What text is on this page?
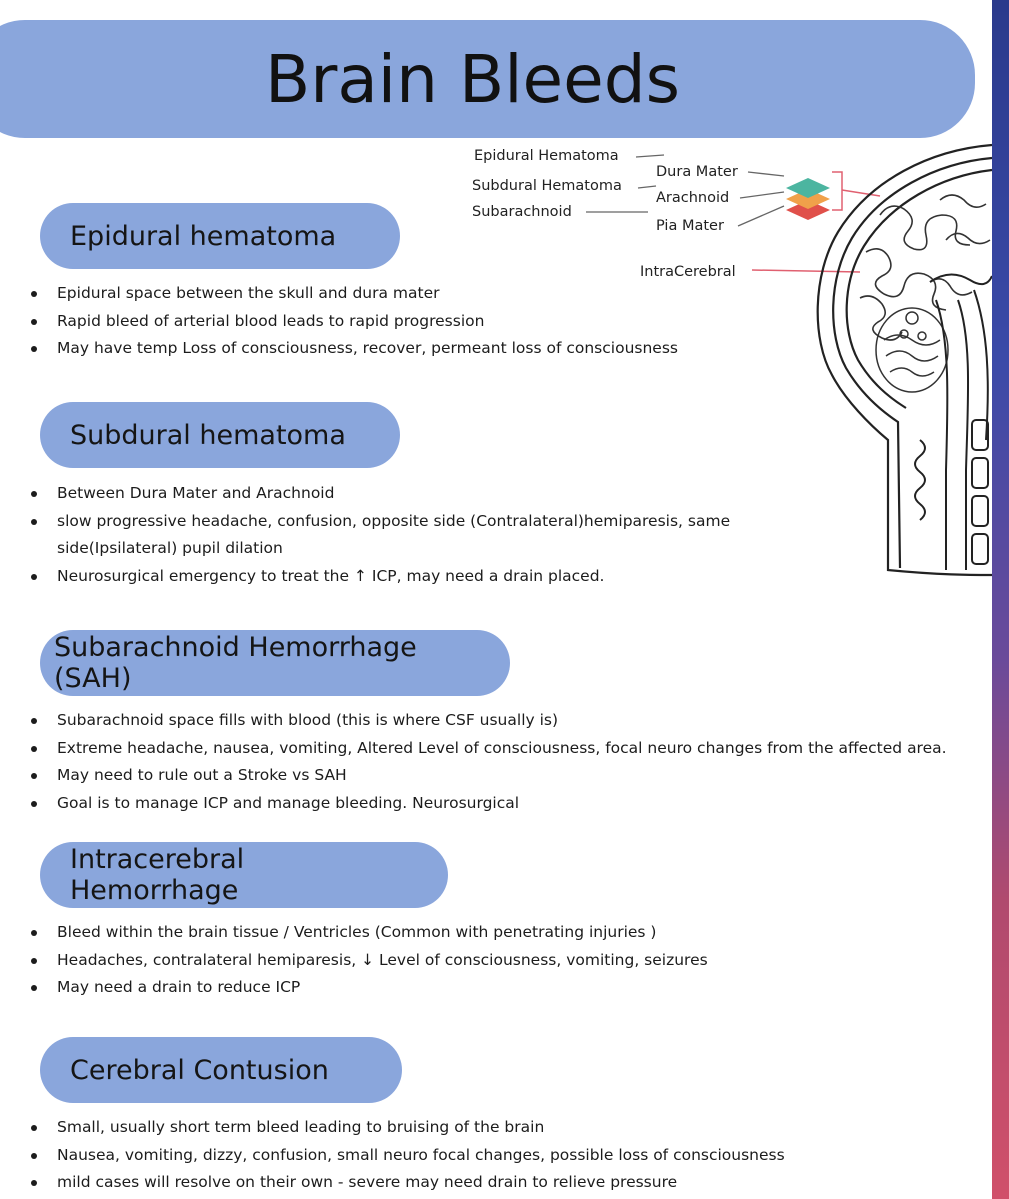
Brain Bleeds
Epidural Hematoma
Subdural Hematoma
Subarachnoid
Dura Mater
Arachnoid
Pia Mater
IntraCerebral
Epidural hematoma
Epidural space between the skull and dura mater
Rapid bleed of arterial blood leads to rapid progression
May have temp Loss of consciousness, recover, permeant loss of consciousness
Subdural hematoma
Between Dura Mater and Arachnoid
slow progressive headache, confusion, opposite side (Contralateral)hemiparesis, same side(Ipsilateral) pupil dilation
Neurosurgical emergency to treat the ↑ ICP, may need a drain placed.
Subarachnoid Hemorrhage (SAH)
Subarachnoid space fills with blood (this is where CSF usually is)
Extreme headache, nausea, vomiting, Altered Level of consciousness, focal neuro changes from the affected area.
May need to rule out a Stroke vs SAH
Goal is to manage ICP and manage bleeding. Neurosurgical
Intracerebral Hemorrhage
Bleed within the brain tissue / Ventricles (Common with penetrating injuries )
Headaches, contralateral hemiparesis, ↓ Level of consciousness, vomiting, seizures
May need a drain to reduce ICP
Cerebral Contusion
Small, usually short term bleed leading to bruising of the brain
Nausea, vomiting, dizzy, confusion, small neuro focal changes, possible loss of consciousness
mild cases will resolve on their own - severe may need drain to relieve pressure
